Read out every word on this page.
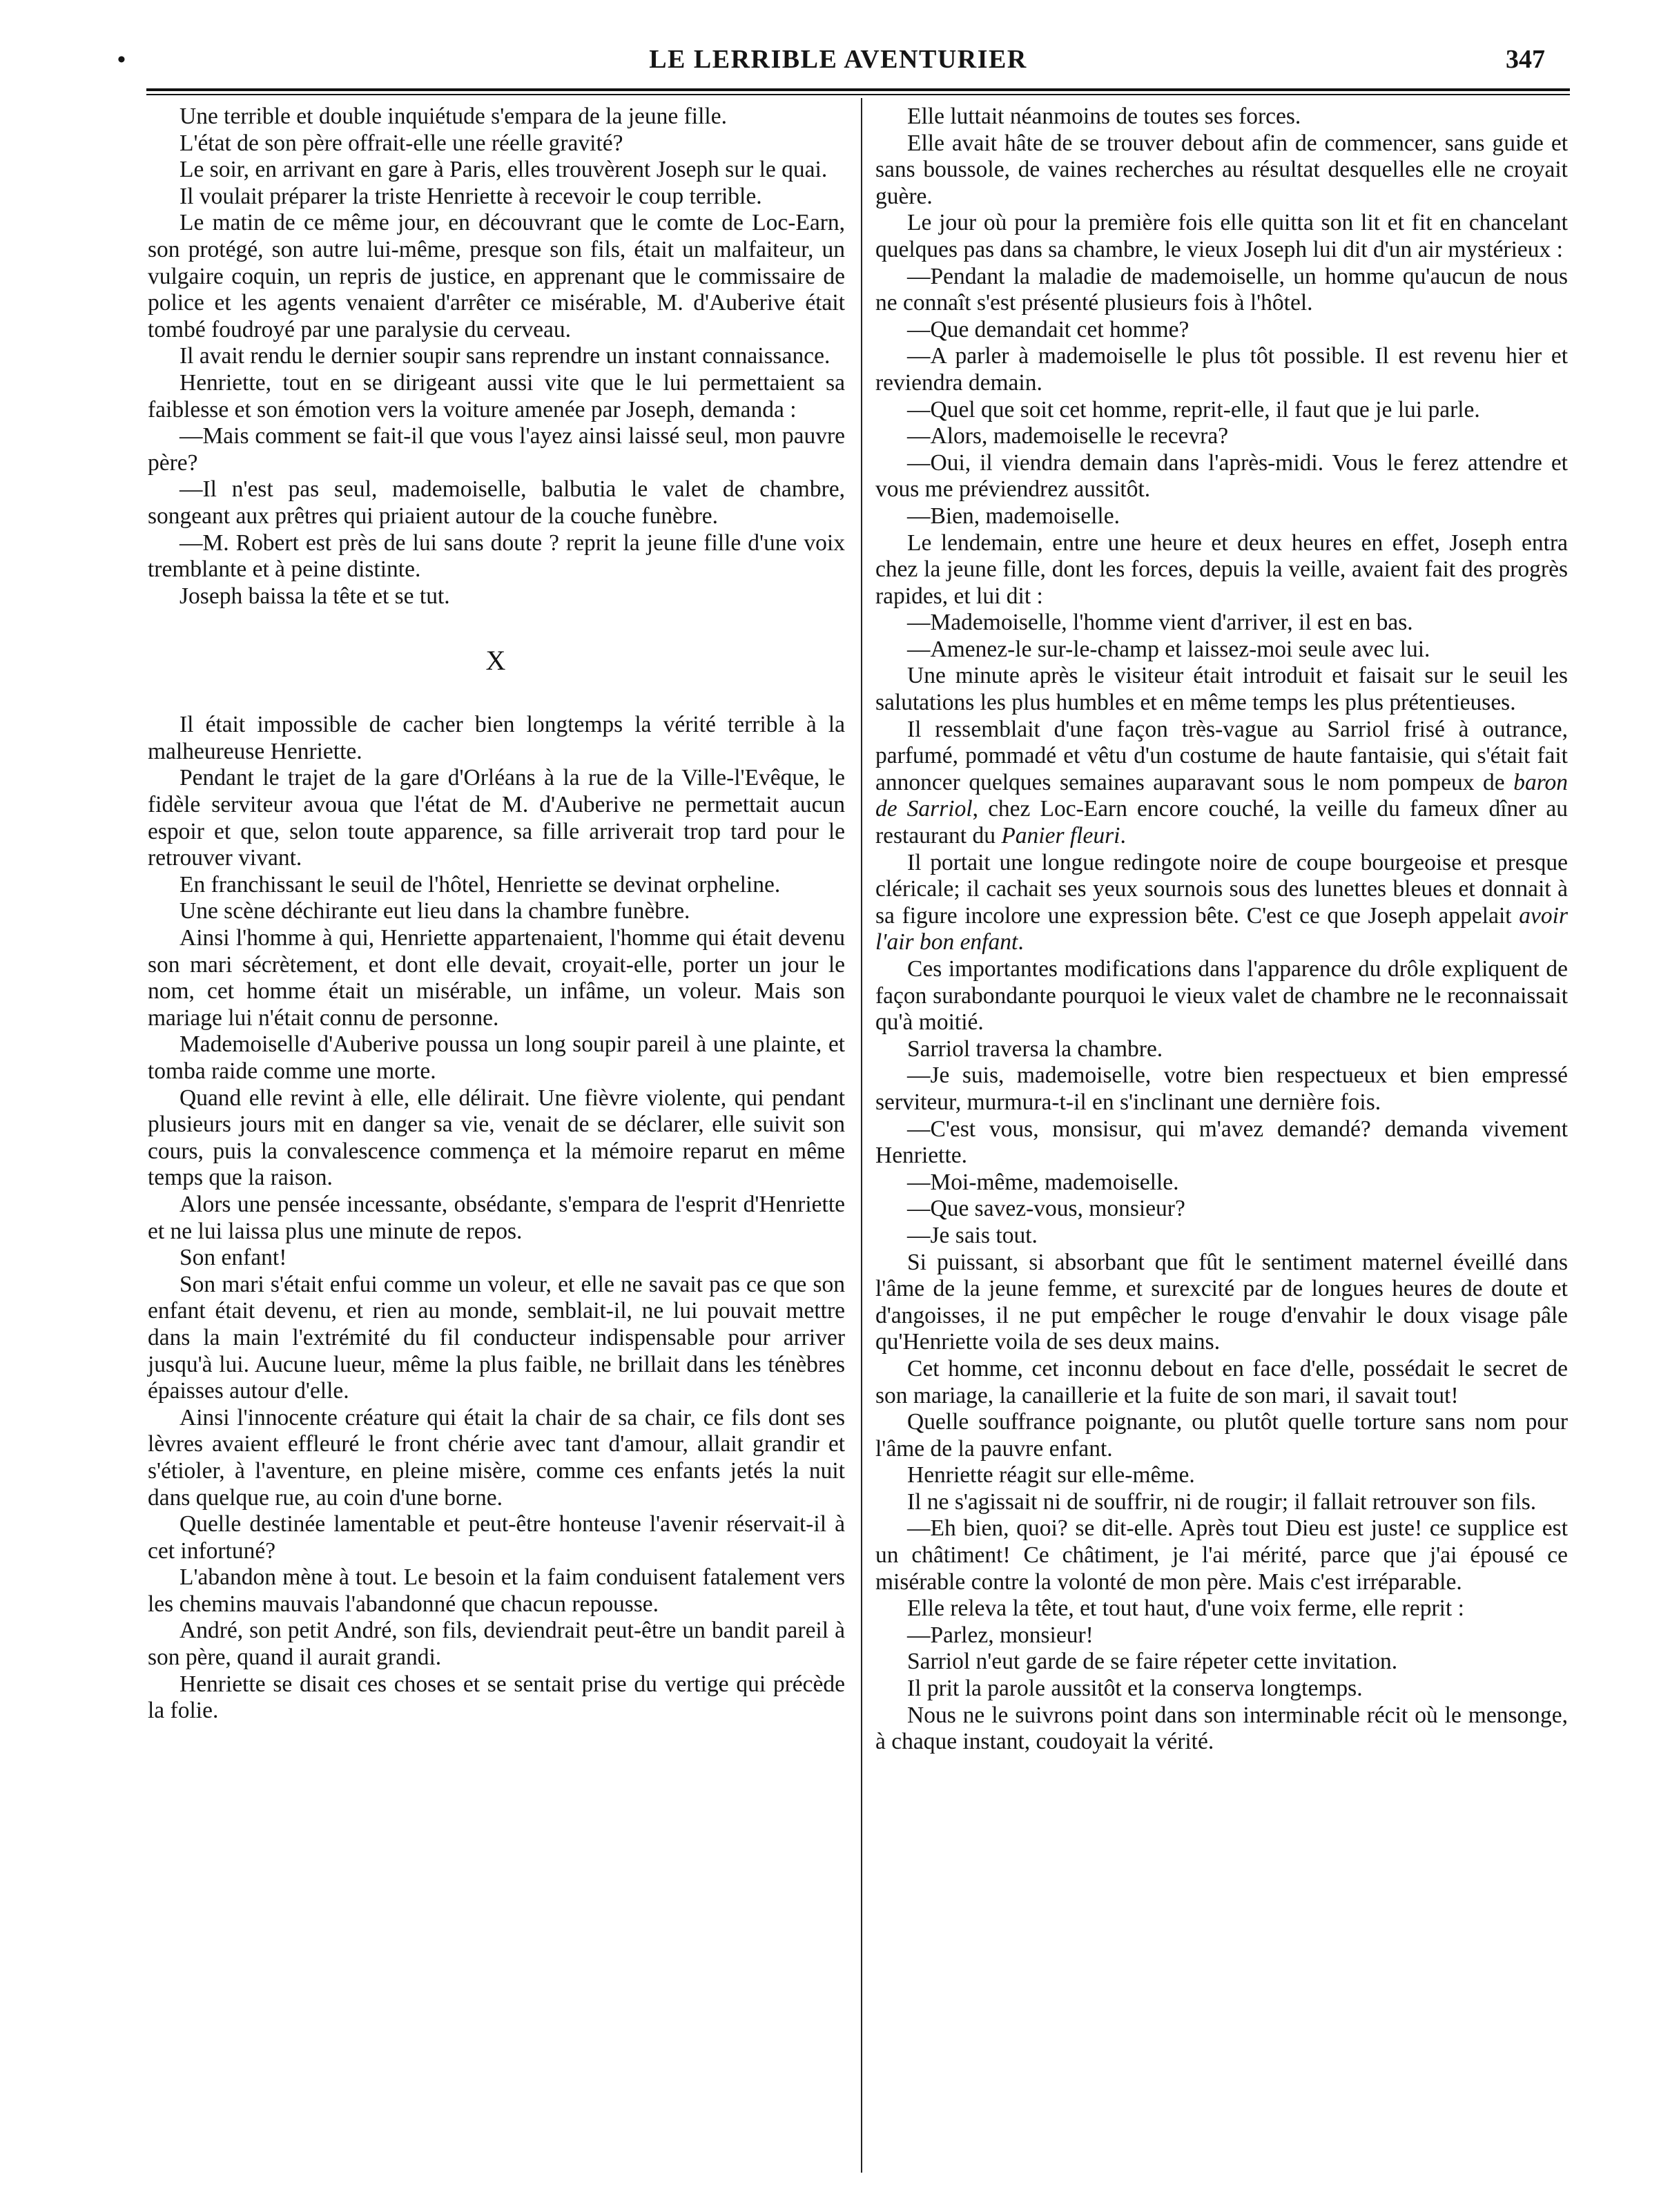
•	LE LERRIBLE AVENTURIER	347

Une terrible et double inquiétude s'empara de la jeune fille.

L'état de son père offrait-elle une réelle gravité?

Le soir, en arrivant en gare à Paris, elles trouvèrent Joseph sur le quai.

Il voulait préparer la triste Henriette à recevoir le coup terrible.

Le matin de ce même jour, en découvrant que le comte de Loc-Earn, son protégé, son autre lui-même, presque son fils, était un malfaiteur, un vulgaire coquin, un repris de justice, en apprenant que le commissaire de police et les agents venaient d'arrêter ce misérable, M. d'Auberive était tombé foudroyé par une paralysie du cerveau.

Il avait rendu le dernier soupir sans reprendre un instant connaissance.

Henriette, tout en se dirigeant aussi vite que le lui permettaient sa faiblesse et son émotion vers la voiture amenée par Joseph, demanda :

—Mais comment se fait-il que vous l'ayez ainsi laissé seul, mon pauvre père?

—Il n'est pas seul, mademoiselle, balbutia le valet de chambre, songeant aux prêtres qui priaient autour de la couche funèbre.

—M. Robert est près de lui sans doute ? reprit la jeune fille d'une voix tremblante et à peine distinte.

Joseph baissa la tête et se tut.

X

Il était impossible de cacher bien longtemps la vérité terrible à la malheureuse Henriette.

Pendant le trajet de la gare d'Orléans à la rue de la Ville-l'Evêque, le fidèle serviteur avoua que l'état de M. d'Auberive ne permettait aucun espoir et que, selon toute apparence, sa fille arriverait trop tard pour le retrouver vivant.

En franchissant le seuil de l'hôtel, Henriette se devinat orpheline.

Une scène déchirante eut lieu dans la chambre funèbre.

Ainsi l'homme à qui, Henriette appartenaient, l'homme qui était devenu son mari sécrètement, et dont elle devait, croyait-elle, porter un jour le nom, cet homme était un misérable, un infâme, un voleur. Mais son mariage lui n'était connu de personne.

Mademoiselle d'Auberive poussa un long soupir pareil à une plainte, et tomba raide comme une morte.

Quand elle revint à elle, elle délirait. Une fièvre violente, qui pendant plusieurs jours mit en danger sa vie, venait de se déclarer, elle suivit son cours, puis la convalescence commença et la mémoire reparut en même temps que la raison.

Alors une pensée incessante, obsédante, s'empara de l'esprit d'Henriette et ne lui laissa plus une minute de repos.

Son enfant!

Son mari s'était enfui comme un voleur, et elle ne savait pas ce que son enfant était devenu, et rien au monde, semblait-il, ne lui pouvait mettre dans la main l'extrémité du fil conducteur indispensable pour arriver jusqu'à lui. Aucune lueur, même la plus faible, ne brillait dans les ténèbres épaisses autour d'elle.

Ainsi l'innocente créature qui était la chair de sa chair, ce fils dont ses lèvres avaient effleuré le front chérie avec tant d'amour, allait grandir et s'étioler, à l'aventure, en pleine misère, comme ces enfants jetés la nuit dans quelque rue, au coin d'une borne.

Quelle destinée lamentable et peut-être honteuse l'avenir réservait-il à cet infortuné?

L'abandon mène à tout. Le besoin et la faim conduisent fatalement vers les chemins mauvais l'abandonné que chacun repousse.

André, son petit André, son fils, deviendrait peut-être un bandit pareil à son père, quand il aurait grandi.

Henriette se disait ces choses et se sentait prise du vertige qui précède la folie.

Elle luttait néanmoins de toutes ses forces.

Elle avait hâte de se trouver debout afin de commencer, sans guide et sans boussole, de vaines recherches au résultat desquelles elle ne croyait guère.

Le jour où pour la première fois elle quitta son lit et fit en chancelant quelques pas dans sa chambre, le vieux Joseph lui dit d'un air mystérieux :

—Pendant la maladie de mademoiselle, un homme qu'aucun de nous ne connaît s'est présenté plusieurs fois à l'hôtel.

—Que demandait cet homme?

—A parler à mademoiselle le plus tôt possible. Il est revenu hier et reviendra demain.

—Quel que soit cet homme, reprit-elle, il faut que je lui parle.

—Alors, mademoiselle le recevra?

—Oui, il viendra demain dans l'après-midi. Vous le ferez attendre et vous me préviendrez aussitôt.

—Bien, mademoiselle.

Le lendemain, entre une heure et deux heures en effet, Joseph entra chez la jeune fille, dont les forces, depuis la veille, avaient fait des progrès rapides, et lui dit :

—Mademoiselle, l'homme vient d'arriver, il est en bas.

—Amenez-le sur-le-champ et laissez-moi seule avec lui.

Une minute après le visiteur était introduit et faisait sur le seuil les salutations les plus humbles et en même temps les plus prétentieuses.

Il ressemblait d'une façon très-vague au Sarriol frisé à outrance, parfumé, pommadé et vêtu d'un costume de haute fantaisie, qui s'était fait annoncer quelques semaines auparavant sous le nom pompeux de baron de Sarriol, chez Loc-Earn encore couché, la veille du fameux dîner au restaurant du Panier fleuri.

Il portait une longue redingote noire de coupe bourgeoise et presque cléricale; il cachait ses yeux sournois sous des lunettes bleues et donnait à sa figure incolore une expression bête. C'est ce que Joseph appelait avoir l'air bon enfant.

Ces importantes modifications dans l'apparence du drôle expliquent de façon surabondante pourquoi le vieux valet de chambre ne le reconnaissait qu'à moitié.

Sarriol traversa la chambre.

—Je suis, mademoiselle, votre bien respectueux et bien empressé serviteur, murmura-t-il en s'inclinant une dernière fois.

—C'est vous, monsisur, qui m'avez demandé? demanda vivement Henriette.

—Moi-même, mademoiselle.

—Que savez-vous, monsieur?

—Je sais tout.

Si puissant, si absorbant que fût le sentiment maternel éveillé dans l'âme de la jeune femme, et surexcité par de longues heures de doute et d'angoisses, il ne put empêcher le rouge d'envahir le doux visage pâle qu'Henriette voila de ses deux mains.

Cet homme, cet inconnu debout en face d'elle, possédait le secret de son mariage, la canaillerie et la fuite de son mari, il savait tout!

Quelle souffrance poignante, ou plutôt quelle torture sans nom pour l'âme de la pauvre enfant.

Henriette réagit sur elle-même.

Il ne s'agissait ni de souffrir, ni de rougir; il fallait retrouver son fils.

—Eh bien, quoi? se dit-elle. Après tout Dieu est juste! ce supplice est un châtiment! Ce châtiment, je l'ai mérité, parce que j'ai épousé ce misérable contre la volonté de mon père. Mais c'est irréparable.

Elle releva la tête, et tout haut, d'une voix ferme, elle reprit :

—Parlez, monsieur!

Sarriol n'eut garde de se faire répeter cette invitation.

Il prit la parole aussitôt et la conserva longtemps.

Nous ne le suivrons point dans son interminable récit où le mensonge, à chaque instant, coudoyait la vérité.
